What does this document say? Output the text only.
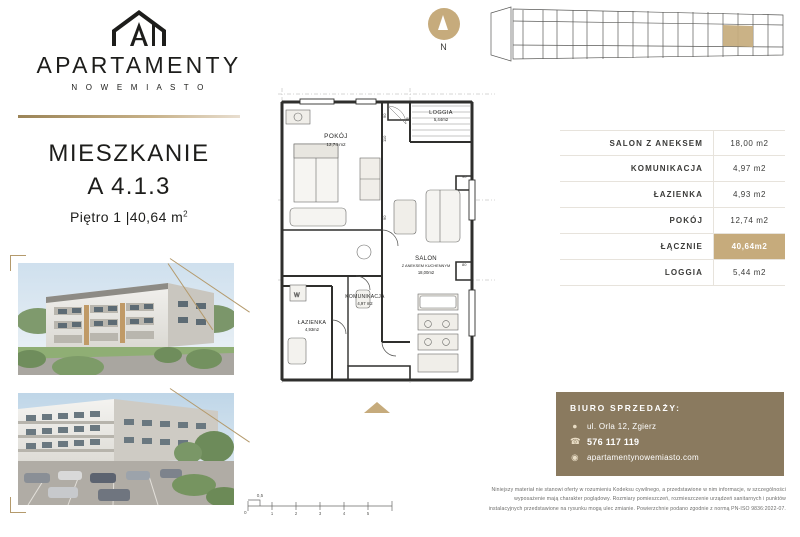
APARTAMENTY
N O W E M I A S T O
MIESZKANIE
A 4.1.3
Piętro 1 |40,64 $m^2$
N
W
POKÓJ
12,74 m2
LOGGIA
5,44m2
SALON
Z ANEKSEM KUCHENNYM
18,00m2
KOMUNIKACJA
4,97 m2
ŁAZIENKA
4,93m2
90
110
90
80
90
80
SALON Z ANEKSEM	18,00 m2
KOMUNIKACJA	4,97 m2
ŁAZIENKA	4,93 m2
POKÓJ	12,74 m2
ŁĄCZNIE	40,64m2
LOGGIA	5,44 m2
BIURO SPRZEDAŻY:
● ul. Orla 12, Zgierz
☎ 576 117 119
◉ apartamentynowemiasto.com
0,5
0	1	2	3	4	5
Niniejszy materiał nie stanowi oferty w rozumieniu Kodeksu cywilnego, a przedstawione w nim informacje, w szczególności
wyposażenie mają charakter poglądowy. Rozmiary pomieszczeń, rozmieszczenie urządzeń sanitarnych i punktów
instalacyjnych przedstawione na rysunku mogą ulec zmianie. Powierzchnie podano zgodnie z normą PN-ISO 9836:2022-07.
